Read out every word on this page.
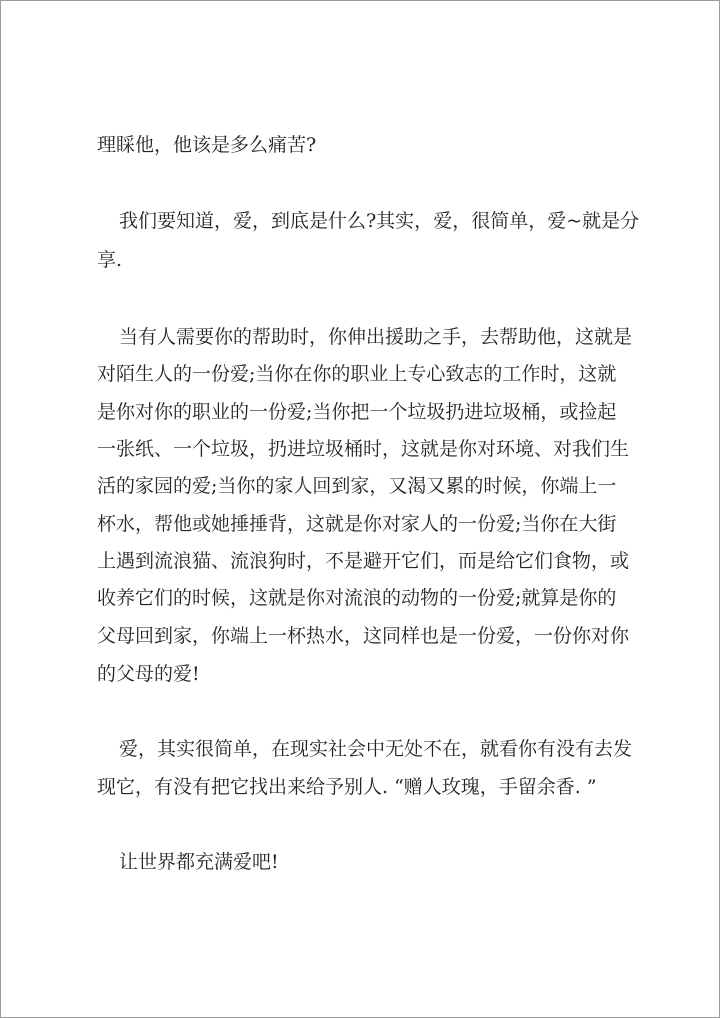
理睬他，他该是多么痛苦?
我们要知道，爱，到底是什么?其实，爱，很简单，爱~就是分
享.
当有人需要你的帮助时，你伸出援助之手，去帮助他，这就是
对陌生人的一份爱;当你在你的职业上专心致志的工作时，这就
是你对你的职业的一份爱;当你把一个垃圾扔进垃圾桶，或捡起
一张纸、一个垃圾，扔进垃圾桶时，这就是你对环境、对我们生
活的家园的爱;当你的家人回到家，又渴又累的时候，你端上一
杯水，帮他或她捶捶背，这就是你对家人的一份爱;当你在大街
上遇到流浪猫、流浪狗时，不是避开它们，而是给它们食物，或
收养它们的时候，这就是你对流浪的动物的一份爱;就算是你的
父母回到家，你端上一杯热水，这同样也是一份爱，一份你对你
的父母的爱!
爱，其实很简单，在现实社会中无处不在，就看你有没有去发
现它，有没有把它找出来给予别人. “赠人玫瑰，手留余香. ”
让世界都充满爱吧!
